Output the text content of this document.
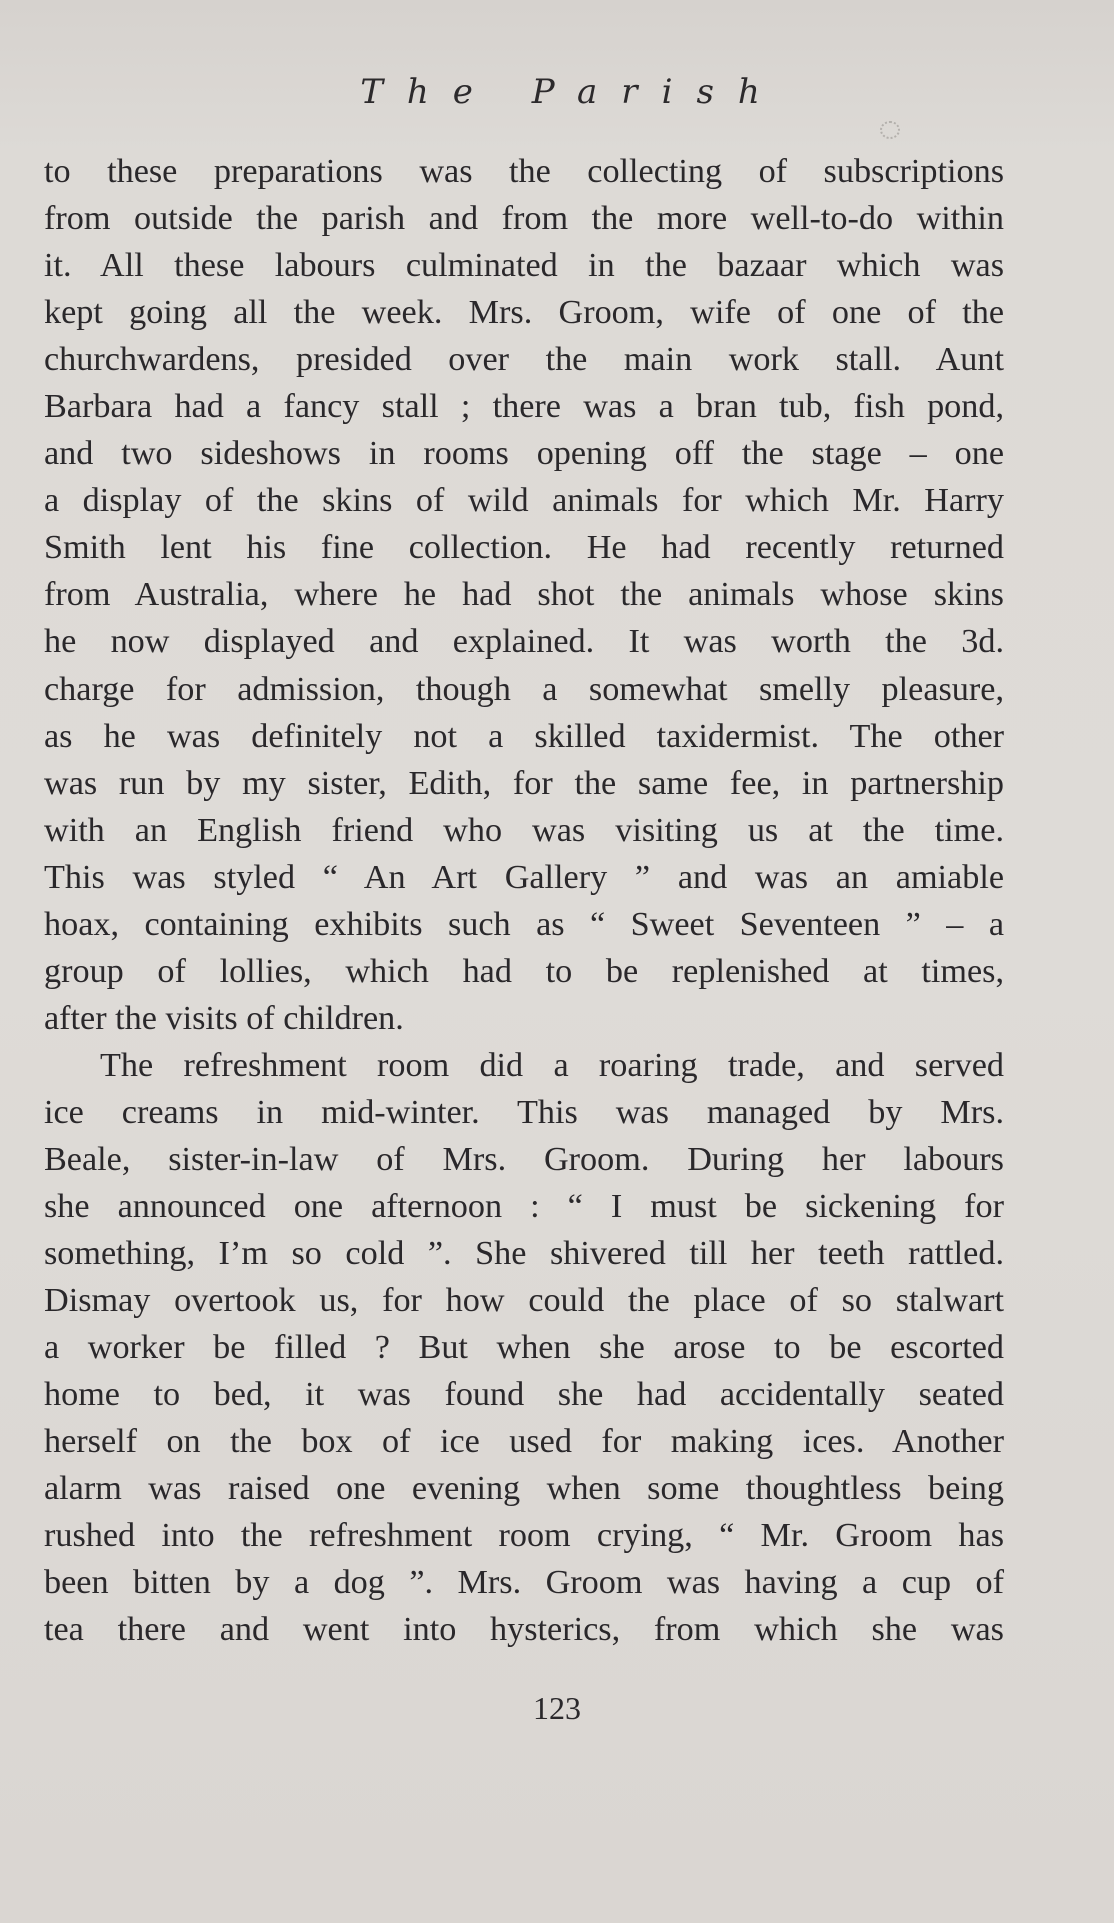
The Parish
to these preparations was the collecting of subscriptions
from outside the parish and from the more well-to-do within
it. All these labours culminated in the bazaar which was
kept going all the week. Mrs. Groom, wife of one of the
churchwardens, presided over the main work stall. Aunt
Barbara had a fancy stall ; there was a bran tub, fish pond,
and two sideshows in rooms opening off the stage – one
a display of the skins of wild animals for which Mr. Harry
Smith lent his fine collection. He had recently returned
from Australia, where he had shot the animals whose skins
he now displayed and explained. It was worth the 3d.
charge for admission, though a somewhat smelly pleasure,
as he was definitely not a skilled taxidermist. The other
was run by my sister, Edith, for the same fee, in partnership
with an English friend who was visiting us at the time.
This was styled “ An Art Gallery ” and was an amiable
hoax, containing exhibits such as “ Sweet Seventeen ” – a
group of lollies, which had to be replenished at times,
after the visits of children.
The refreshment room did a roaring trade, and served
ice creams in mid-winter. This was managed by Mrs.
Beale, sister-in-law of Mrs. Groom. During her labours
she announced one afternoon : “ I must be sickening for
something, I’m so cold ”. She shivered till her teeth rattled.
Dismay overtook us, for how could the place of so stalwart
a worker be filled ? But when she arose to be escorted
home to bed, it was found she had accidentally seated
herself on the box of ice used for making ices. Another
alarm was raised one evening when some thoughtless being
rushed into the refreshment room crying, “ Mr. Groom has
been bitten by a dog ”. Mrs. Groom was having a cup of
tea there and went into hysterics, from which she was
123
